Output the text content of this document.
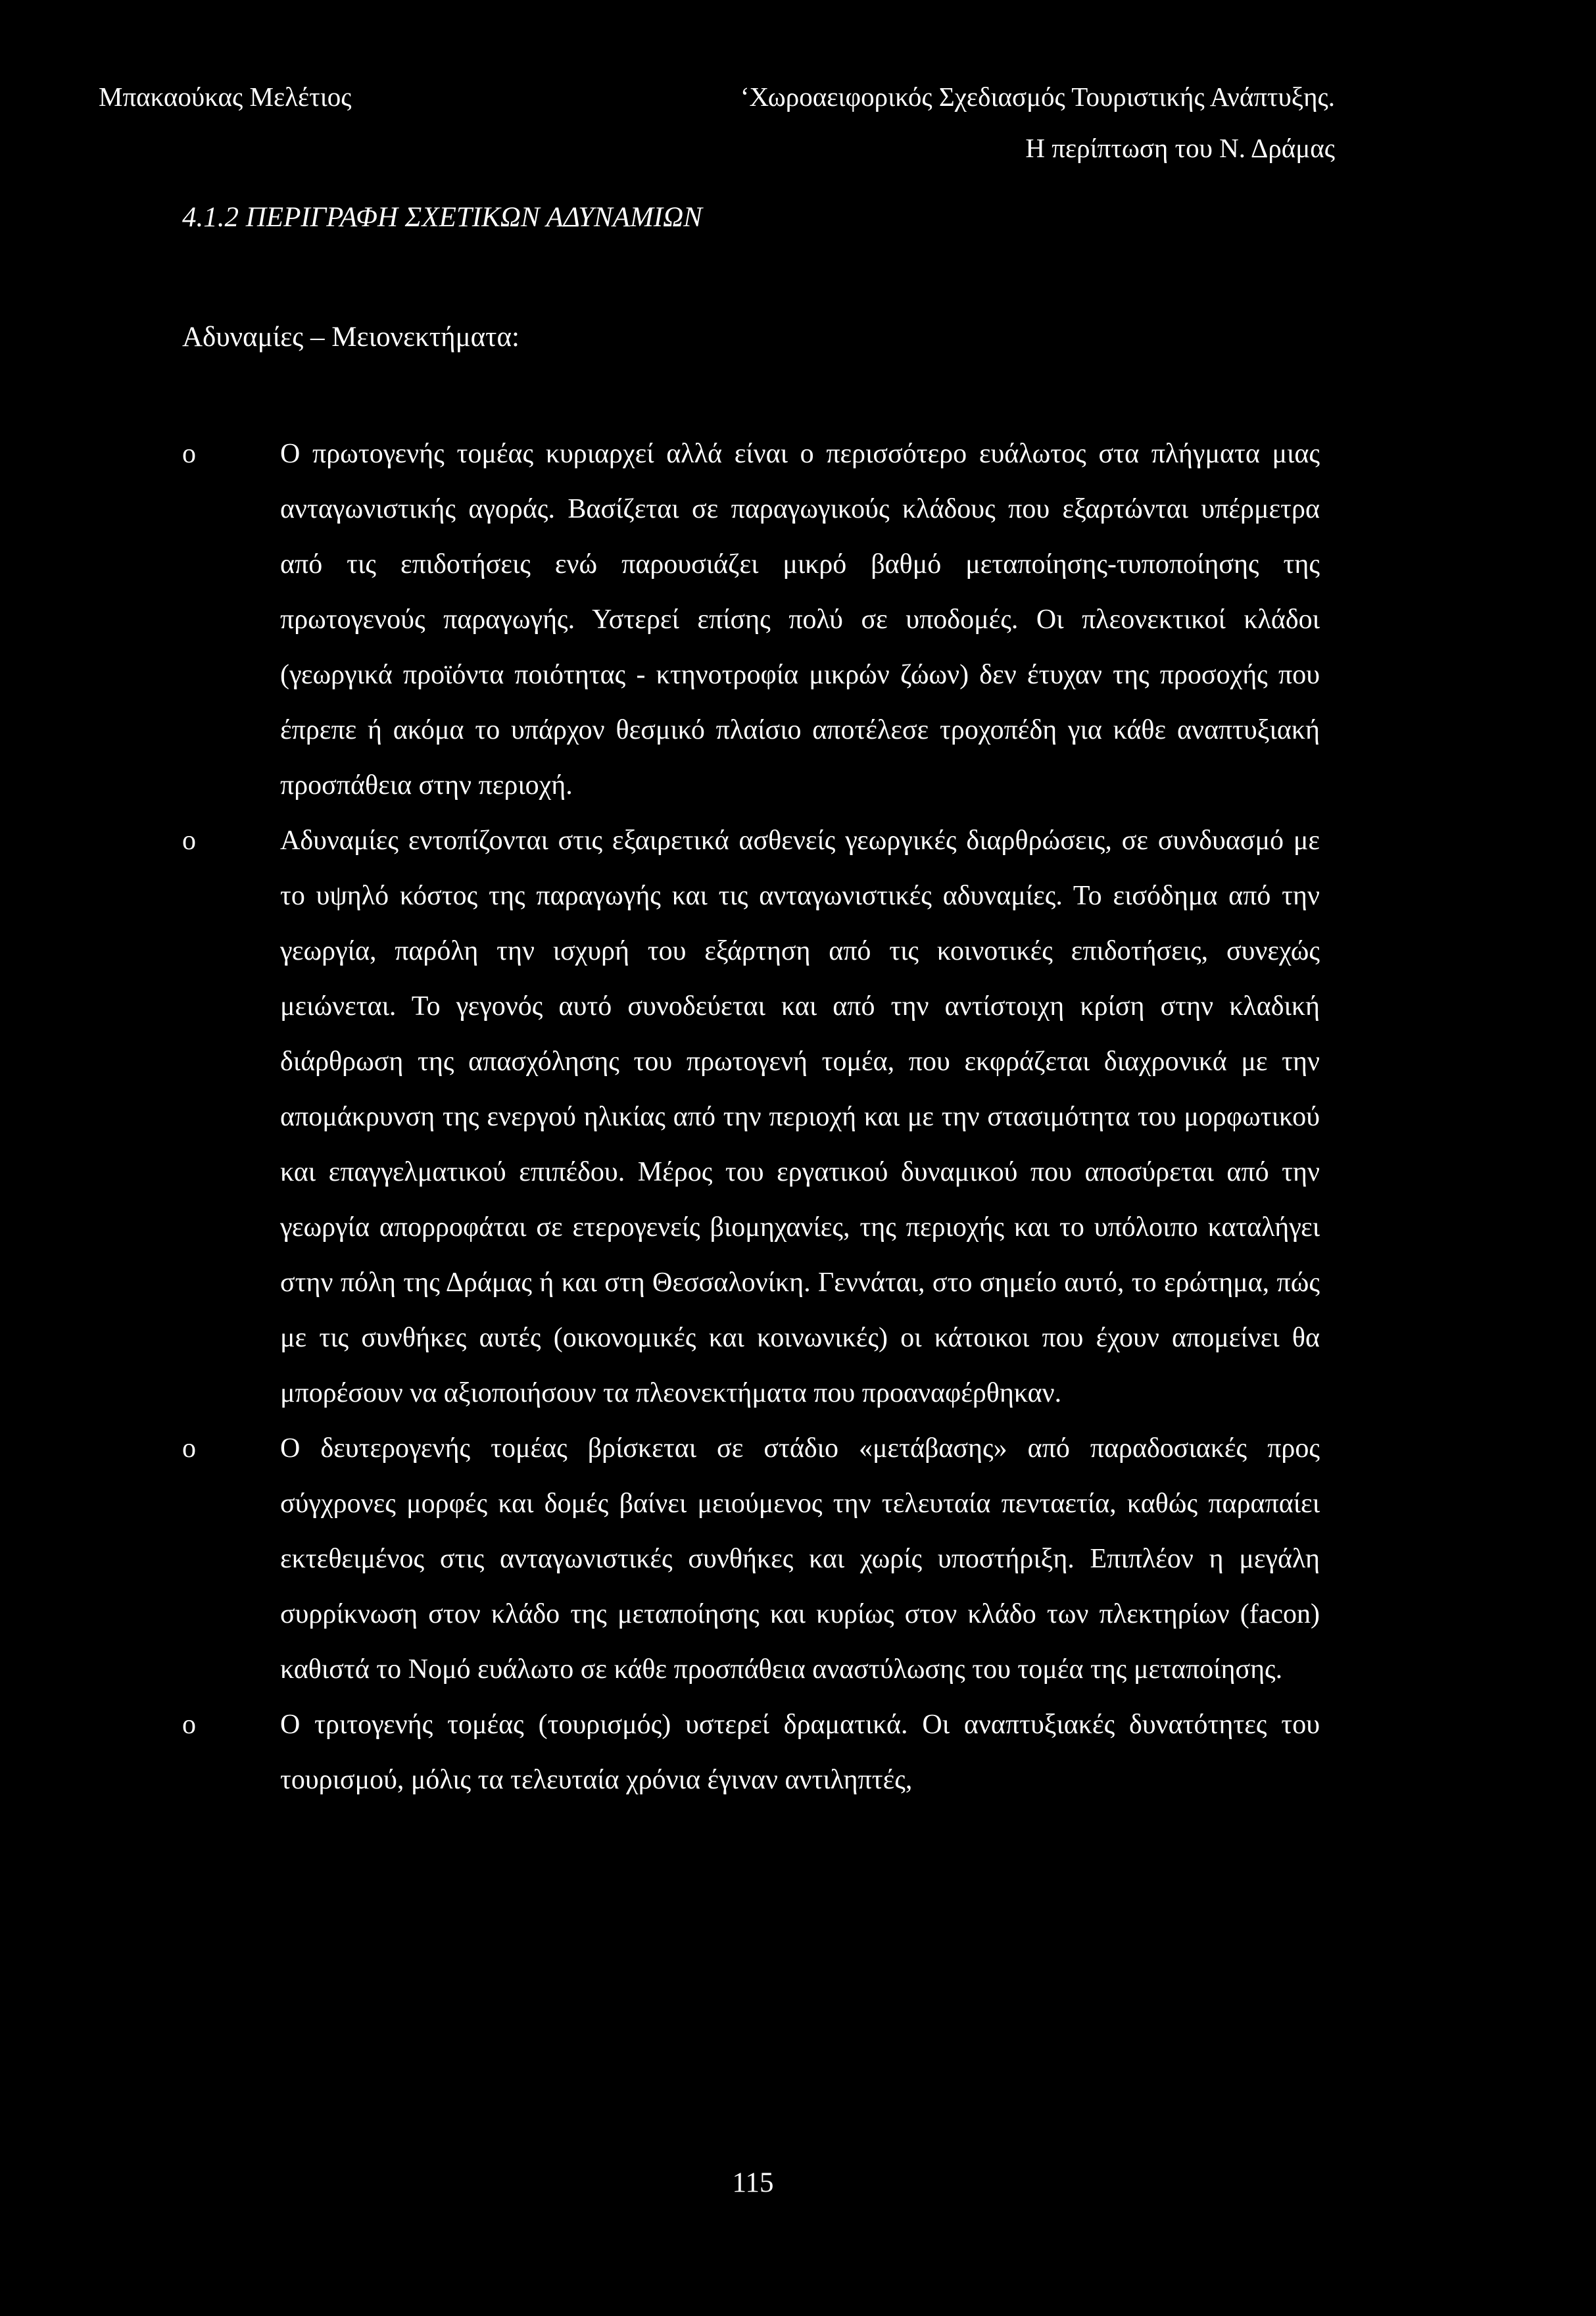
Μπακαούκας Μελέτιος	‘Χωροαειφορικός Σχεδιασμός Τουριστικής Ανάπτυξης.
Η περίπτωση του Ν. Δράμας
4.1.2 ΠΕΡΙΓΡΑΦΗ ΣΧΕΤΙΚΩΝ ΑΔΥΝΑΜΙΩΝ
Αδυναμίες – Μειονεκτήματα:
o	Ο πρωτογενής τομέας κυριαρχεί αλλά είναι ο περισσότερο ευάλωτος στα πλήγματα μιας ανταγωνιστικής αγοράς. Βασίζεται σε παραγωγικούς κλάδους που εξαρτώνται υπέρμετρα από τις επιδοτήσεις ενώ παρουσιάζει μικρό βαθμό μεταποίησης-τυποποίησης της πρωτογενούς παραγωγής. Υστερεί επίσης πολύ σε υποδομές. Οι πλεονεκτικοί κλάδοι (γεωργικά προϊόντα ποιότητας - κτηνοτροφία μικρών ζώων) δεν έτυχαν της προσοχής που έπρεπε ή ακόμα το υπάρχον θεσμικό πλαίσιο αποτέλεσε τροχοπέδη για κάθε αναπτυξιακή προσπάθεια στην περιοχή.
o	Αδυναμίες εντοπίζονται στις εξαιρετικά ασθενείς γεωργικές διαρθρώσεις, σε συνδυασμό με το υψηλό κόστος της παραγωγής και τις ανταγωνιστικές αδυναμίες. Το εισόδημα από την γεωργία, παρόλη την ισχυρή του εξάρτηση από τις κοινοτικές επιδοτήσεις, συνεχώς μειώνεται. Το γεγονός αυτό συνοδεύεται και από την αντίστοιχη κρίση στην κλαδική διάρθρωση της απασχόλησης του πρωτογενή τομέα, που εκφράζεται διαχρονικά με την απομάκρυνση της ενεργού ηλικίας από την περιοχή και με την στασιμότητα του μορφωτικού και επαγγελματικού επιπέδου. Μέρος του εργατικού δυναμικού που αποσύρεται από την γεωργία απορροφάται σε ετερογενείς βιομηχανίες, της περιοχής και το υπόλοιπο καταλήγει στην πόλη της Δράμας ή και στη Θεσσαλονίκη. Γεννάται, στο σημείο αυτό, το ερώτημα, πώς με τις συνθήκες αυτές (οικονομικές και κοινωνικές) οι κάτοικοι που έχουν απομείνει θα μπορέσουν να αξιοποιήσουν τα πλεονεκτήματα που προαναφέρθηκαν.
o	Ο δευτερογενής τομέας βρίσκεται σε στάδιο «μετάβασης» από παραδοσιακές προς σύγχρονες μορφές και δομές βαίνει μειούμενος την τελευταία πενταετία, καθώς παραπαίει εκτεθειμένος στις ανταγωνιστικές συνθήκες και χωρίς υποστήριξη. Επιπλέον η μεγάλη συρρίκνωση στον κλάδο της μεταποίησης και κυρίως στον κλάδο των πλεκτηρίων (facon) καθιστά το Νομό ευάλωτο σε κάθε προσπάθεια αναστύλωσης του τομέα της μεταποίησης.
o	Ο τριτογενής τομέας (τουρισμός) υστερεί δραματικά. Οι αναπτυξιακές δυνατότητες του τουρισμού, μόλις τα τελευταία χρόνια έγιναν αντιληπτές,
115
